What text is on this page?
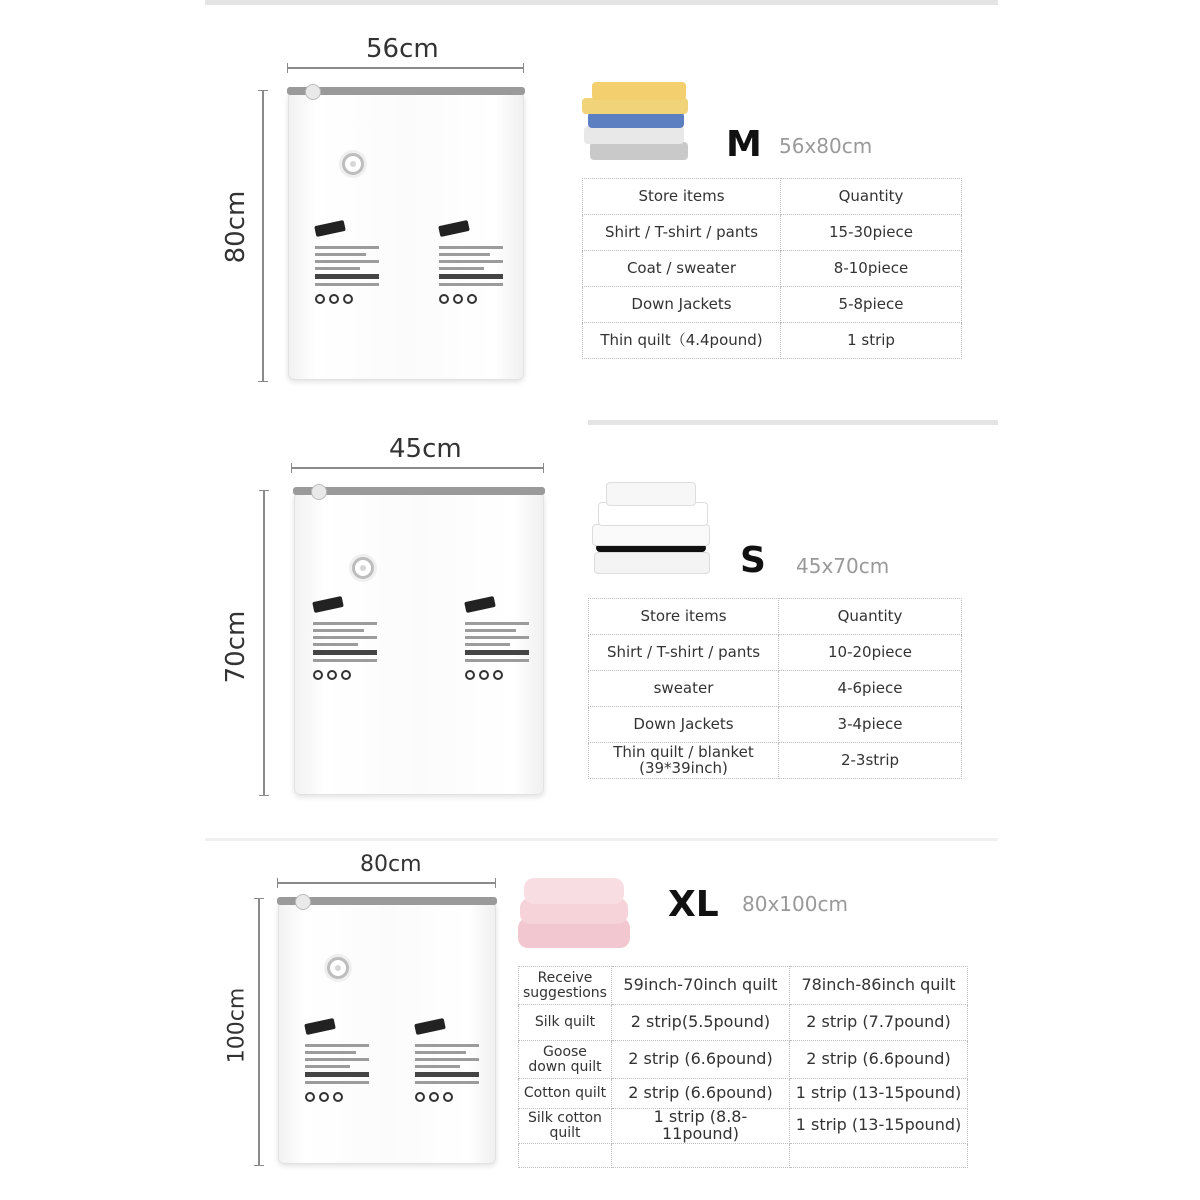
56cm
80cm
M 56x80cm
Store items	Quantity
Shirt / T-shirt / pants	15-30piece
Coat / sweater	8-10piece
Down Jackets	5-8piece
Thin quilt（4.4pound)	1 strip
45cm
70cm
S 45x70cm
Store items	Quantity
Shirt / T-shirt / pants	10-20piece
sweater	4-6piece
Down Jackets	3-4piece
Thin quilt / blanket (39*39inch)	2-3strip
80cm
100cm
XL 80x100cm
Receive suggestions	59inch-70inch quilt	78inch-86inch quilt
Silk quilt	2 strip(5.5pound)	2 strip (7.7pound)
Goose down quilt	2 strip (6.6pound)	2 strip (6.6pound)
Cotton quilt	2 strip (6.6pound)	1 strip (13-15pound)
Silk cotton quilt	1 strip (8.8-11pound)	1 strip (13-15pound)
